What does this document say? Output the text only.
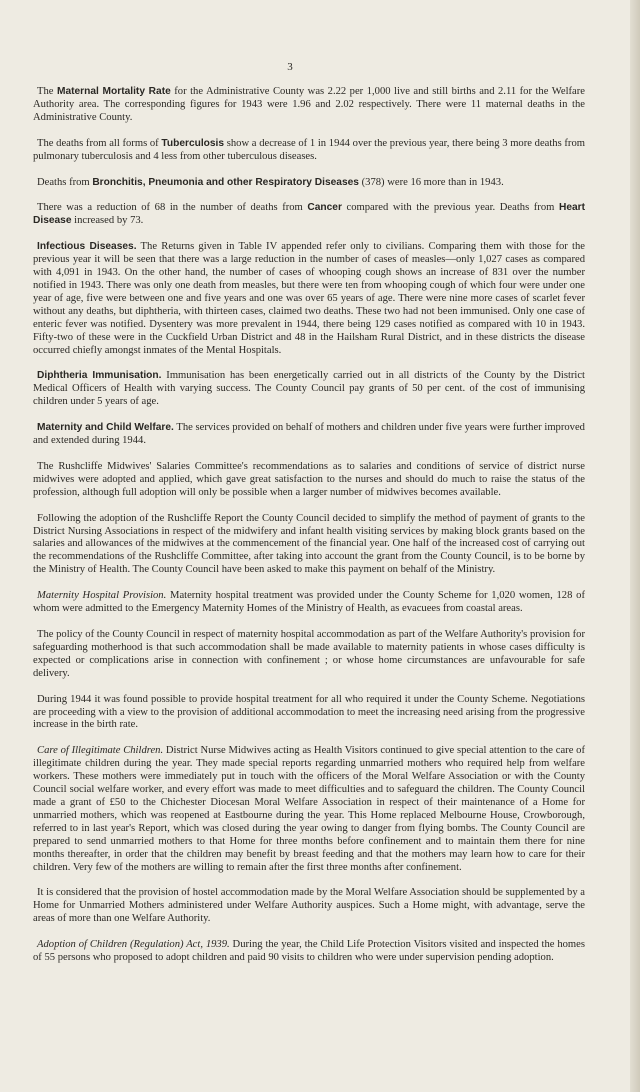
3

The Maternal Mortality Rate for the Administrative County was 2.22 per 1,000 live and still births and 2.11 for the Welfare Authority area. The corresponding figures for 1943 were 1.96 and 2.02 respectively. There were 11 maternal deaths in the Administrative County.

The deaths from all forms of Tuberculosis show a decrease of 1 in 1944 over the previous year, there being 3 more deaths from pulmonary tuberculosis and 4 less from other tuberculous diseases.

Deaths from Bronchitis, Pneumonia and other Respiratory Diseases (378) were 16 more than in 1943.

There was a reduction of 68 in the number of deaths from Cancer compared with the previous year. Deaths from Heart Disease increased by 73.

Infectious Diseases. The Returns given in Table IV appended refer only to civilians. Comparing them with those for the previous year it will be seen that there was a large reduction in the number of cases of measles—only 1,027 cases as compared with 4,091 in 1943. On the other hand, the number of cases of whooping cough shows an increase of 831 over the number notified in 1943. There was only one death from measles, but there were ten from whooping cough of which four were under one year of age, five were between one and five years and one was over 65 years of age. There were nine more cases of scarlet fever without any deaths, but diphtheria, with thirteen cases, claimed two deaths. These two had not been immunised. Only one case of enteric fever was notified. Dysentery was more prevalent in 1944, there being 129 cases notified as compared with 10 in 1943. Fifty-two of these were in the Cuckfield Urban District and 48 in the Hailsham Rural District, and in these districts the disease occurred chiefly amongst inmates of the Mental Hospitals.

Diphtheria Immunisation. Immunisation has been energetically carried out in all districts of the County by the District Medical Officers of Health with varying success. The County Council pay grants of 50 per cent. of the cost of immunising children under 5 years of age.

Maternity and Child Welfare. The services provided on behalf of mothers and children under five years were further improved and extended during 1944.

The Rushcliffe Midwives' Salaries Committee's recommendations as to salaries and conditions of service of district nurse midwives were adopted and applied, which gave great satisfaction to the nurses and should do much to raise the status of the profession, although full adoption will only be possible when a larger number of midwives becomes available.

Following the adoption of the Rushcliffe Report the County Council decided to simplify the method of payment of grants to the District Nursing Associations in respect of the midwifery and infant health visiting services by making block grants based on the salaries and allowances of the midwives at the commencement of the financial year. One half of the increased cost of carrying out the recommendations of the Rushcliffe Committee, after taking into account the grant from the County Council, is to be borne by the Ministry of Health. The County Council have been asked to make this payment on behalf of the Ministry.

Maternity Hospital Provision. Maternity hospital treatment was provided under the County Scheme for 1,020 women, 128 of whom were admitted to the Emergency Maternity Homes of the Ministry of Health, as evacuees from coastal areas.

The policy of the County Council in respect of maternity hospital accommodation as part of the Welfare Authority's provision for safeguarding motherhood is that such accommodation shall be made available to maternity patients in whose cases difficulty is expected or complications arise in connection with confinement ; or whose home circumstances are unfavourable for safe delivery.

During 1944 it was found possible to provide hospital treatment for all who required it under the County Scheme. Negotiations are proceeding with a view to the provision of additional accommodation to meet the increasing need arising from the progressive increase in the birth rate.

Care of Illegitimate Children. District Nurse Midwives acting as Health Visitors continued to give special attention to the care of illegitimate children during the year. They made special reports regarding unmarried mothers who required help from welfare workers. These mothers were immediately put in touch with the officers of the Moral Welfare Association or with the County Council social welfare worker, and every effort was made to meet difficulties and to safeguard the children. The County Council made a grant of £50 to the Chichester Diocesan Moral Welfare Association in respect of their maintenance of a Home for unmarried mothers, which was reopened at Eastbourne during the year. This Home replaced Melbourne House, Crowborough, referred to in last year's Report, which was closed during the year owing to danger from flying bombs. The County Council are prepared to send unmarried mothers to that Home for three months before confinement and to maintain them there for nine months thereafter, in order that the children may benefit by breast feeding and that the mothers may learn how to care for their children. Very few of the mothers are willing to remain after the first three months after confinement.

It is considered that the provision of hostel accommodation made by the Moral Welfare Association should be supplemented by a Home for Unmarried Mothers administered under Welfare Authority auspices. Such a Home might, with advantage, serve the areas of more than one Welfare Authority.

Adoption of Children (Regulation) Act, 1939. During the year, the Child Life Protection Visitors visited and inspected the homes of 55 persons who proposed to adopt children and paid 90 visits to children who were under supervision pending adoption.
